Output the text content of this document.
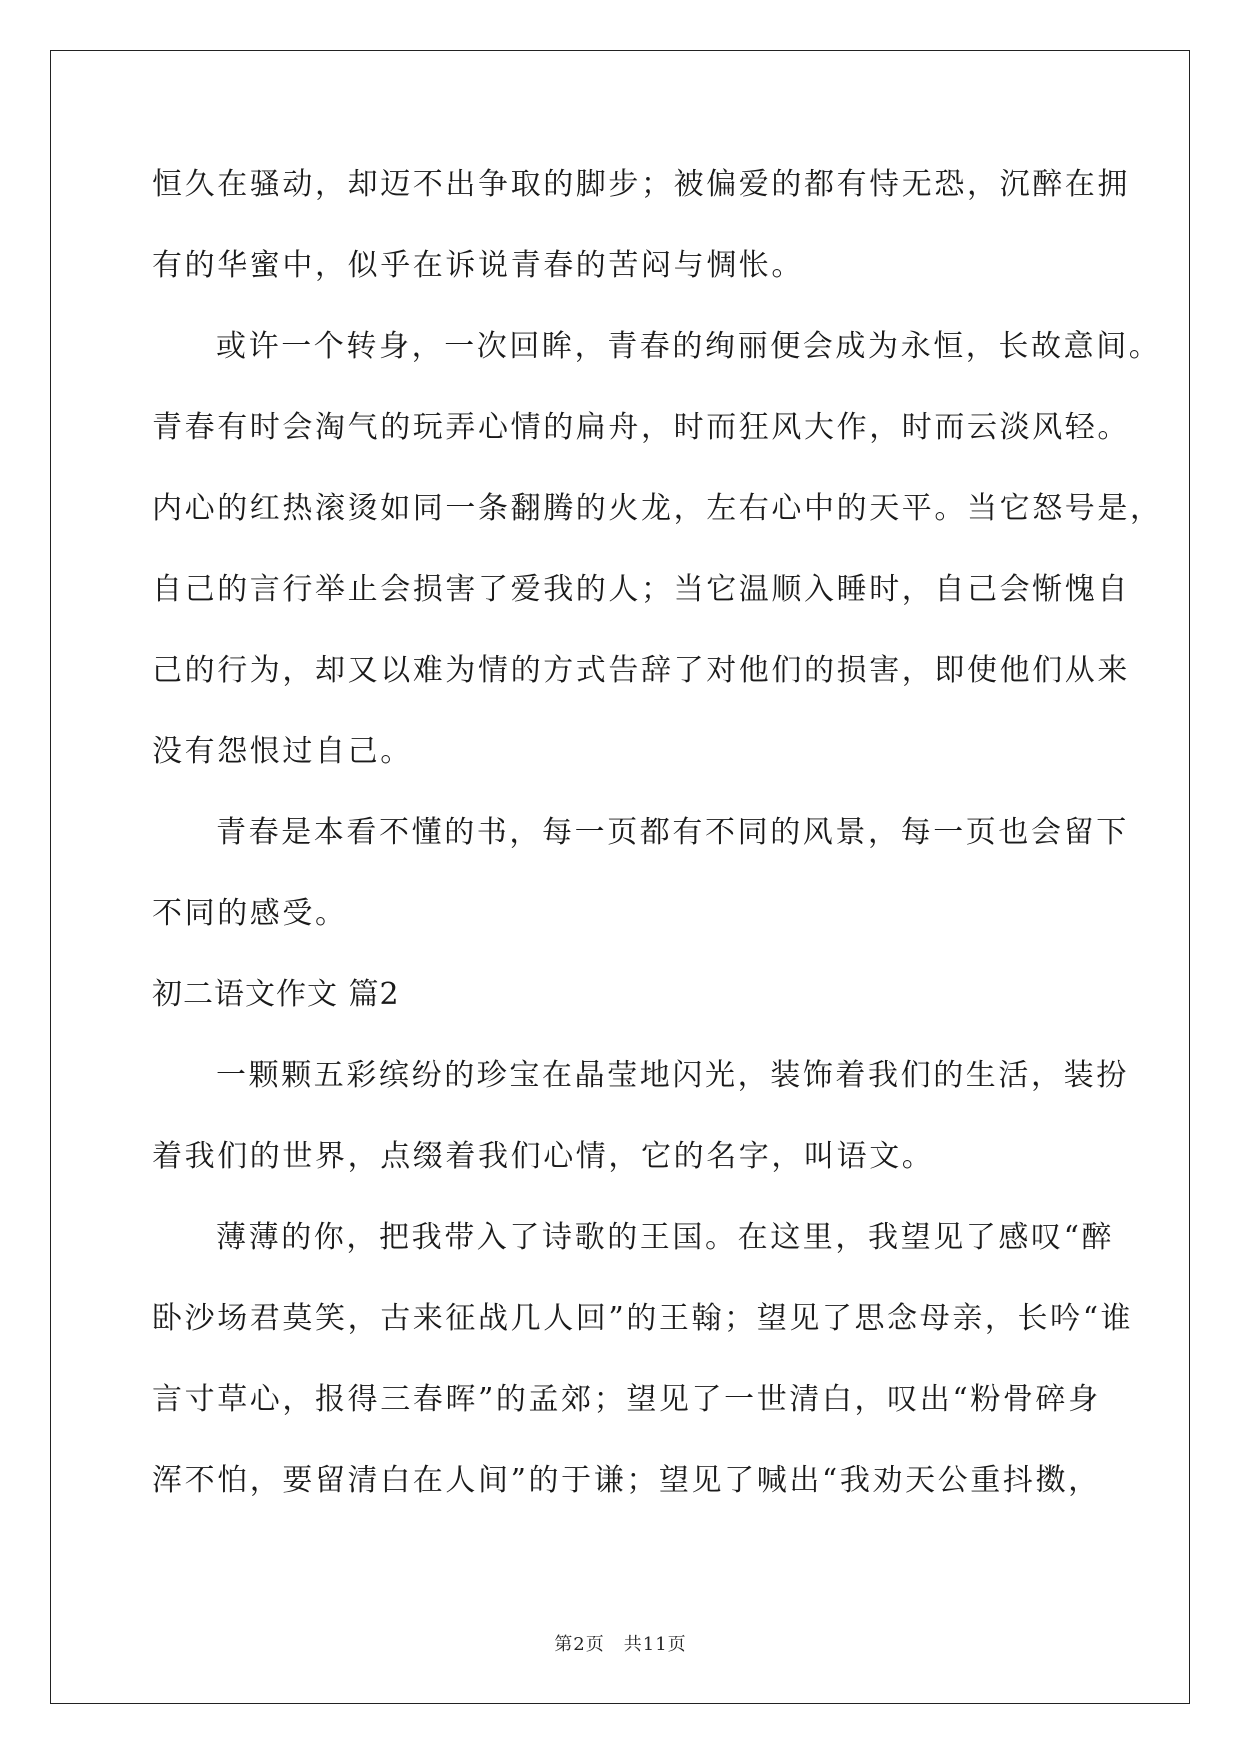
恒久在骚动，却迈不出争取的脚步；被偏爱的都有恃无恐，沉醉在拥
有的华蜜中，似乎在诉说青春的苦闷与惆怅。
或许一个转身，一次回眸，青春的绚丽便会成为永恒，长故意间。
青春有时会淘气的玩弄心情的扁舟，时而狂风大作，时而云淡风轻。
内心的红热滚烫如同一条翻腾的火龙，左右心中的天平。当它怒号是，
自己的言行举止会损害了爱我的人；当它温顺入睡时，自己会惭愧自
己的行为，却又以难为情的方式告辞了对他们的损害，即使他们从来
没有怨恨过自己。
青春是本看不懂的书，每一页都有不同的风景，每一页也会留下
不同的感受。
初二语文作文 篇2
一颗颗五彩缤纷的珍宝在晶莹地闪光，装饰着我们的生活，装扮
着我们的世界，点缀着我们心情，它的名字，叫语文。
薄薄的你，把我带入了诗歌的王国。在这里，我望见了感叹“醉
卧沙场君莫笑，古来征战几人回”的王翰；望见了思念母亲，长吟“谁
言寸草心，报得三春晖”的孟郊；望见了一世清白，叹出“粉骨碎身
浑不怕，要留清白在人间”的于谦；望见了喊出“我劝天公重抖擞，
第2页　共11页
